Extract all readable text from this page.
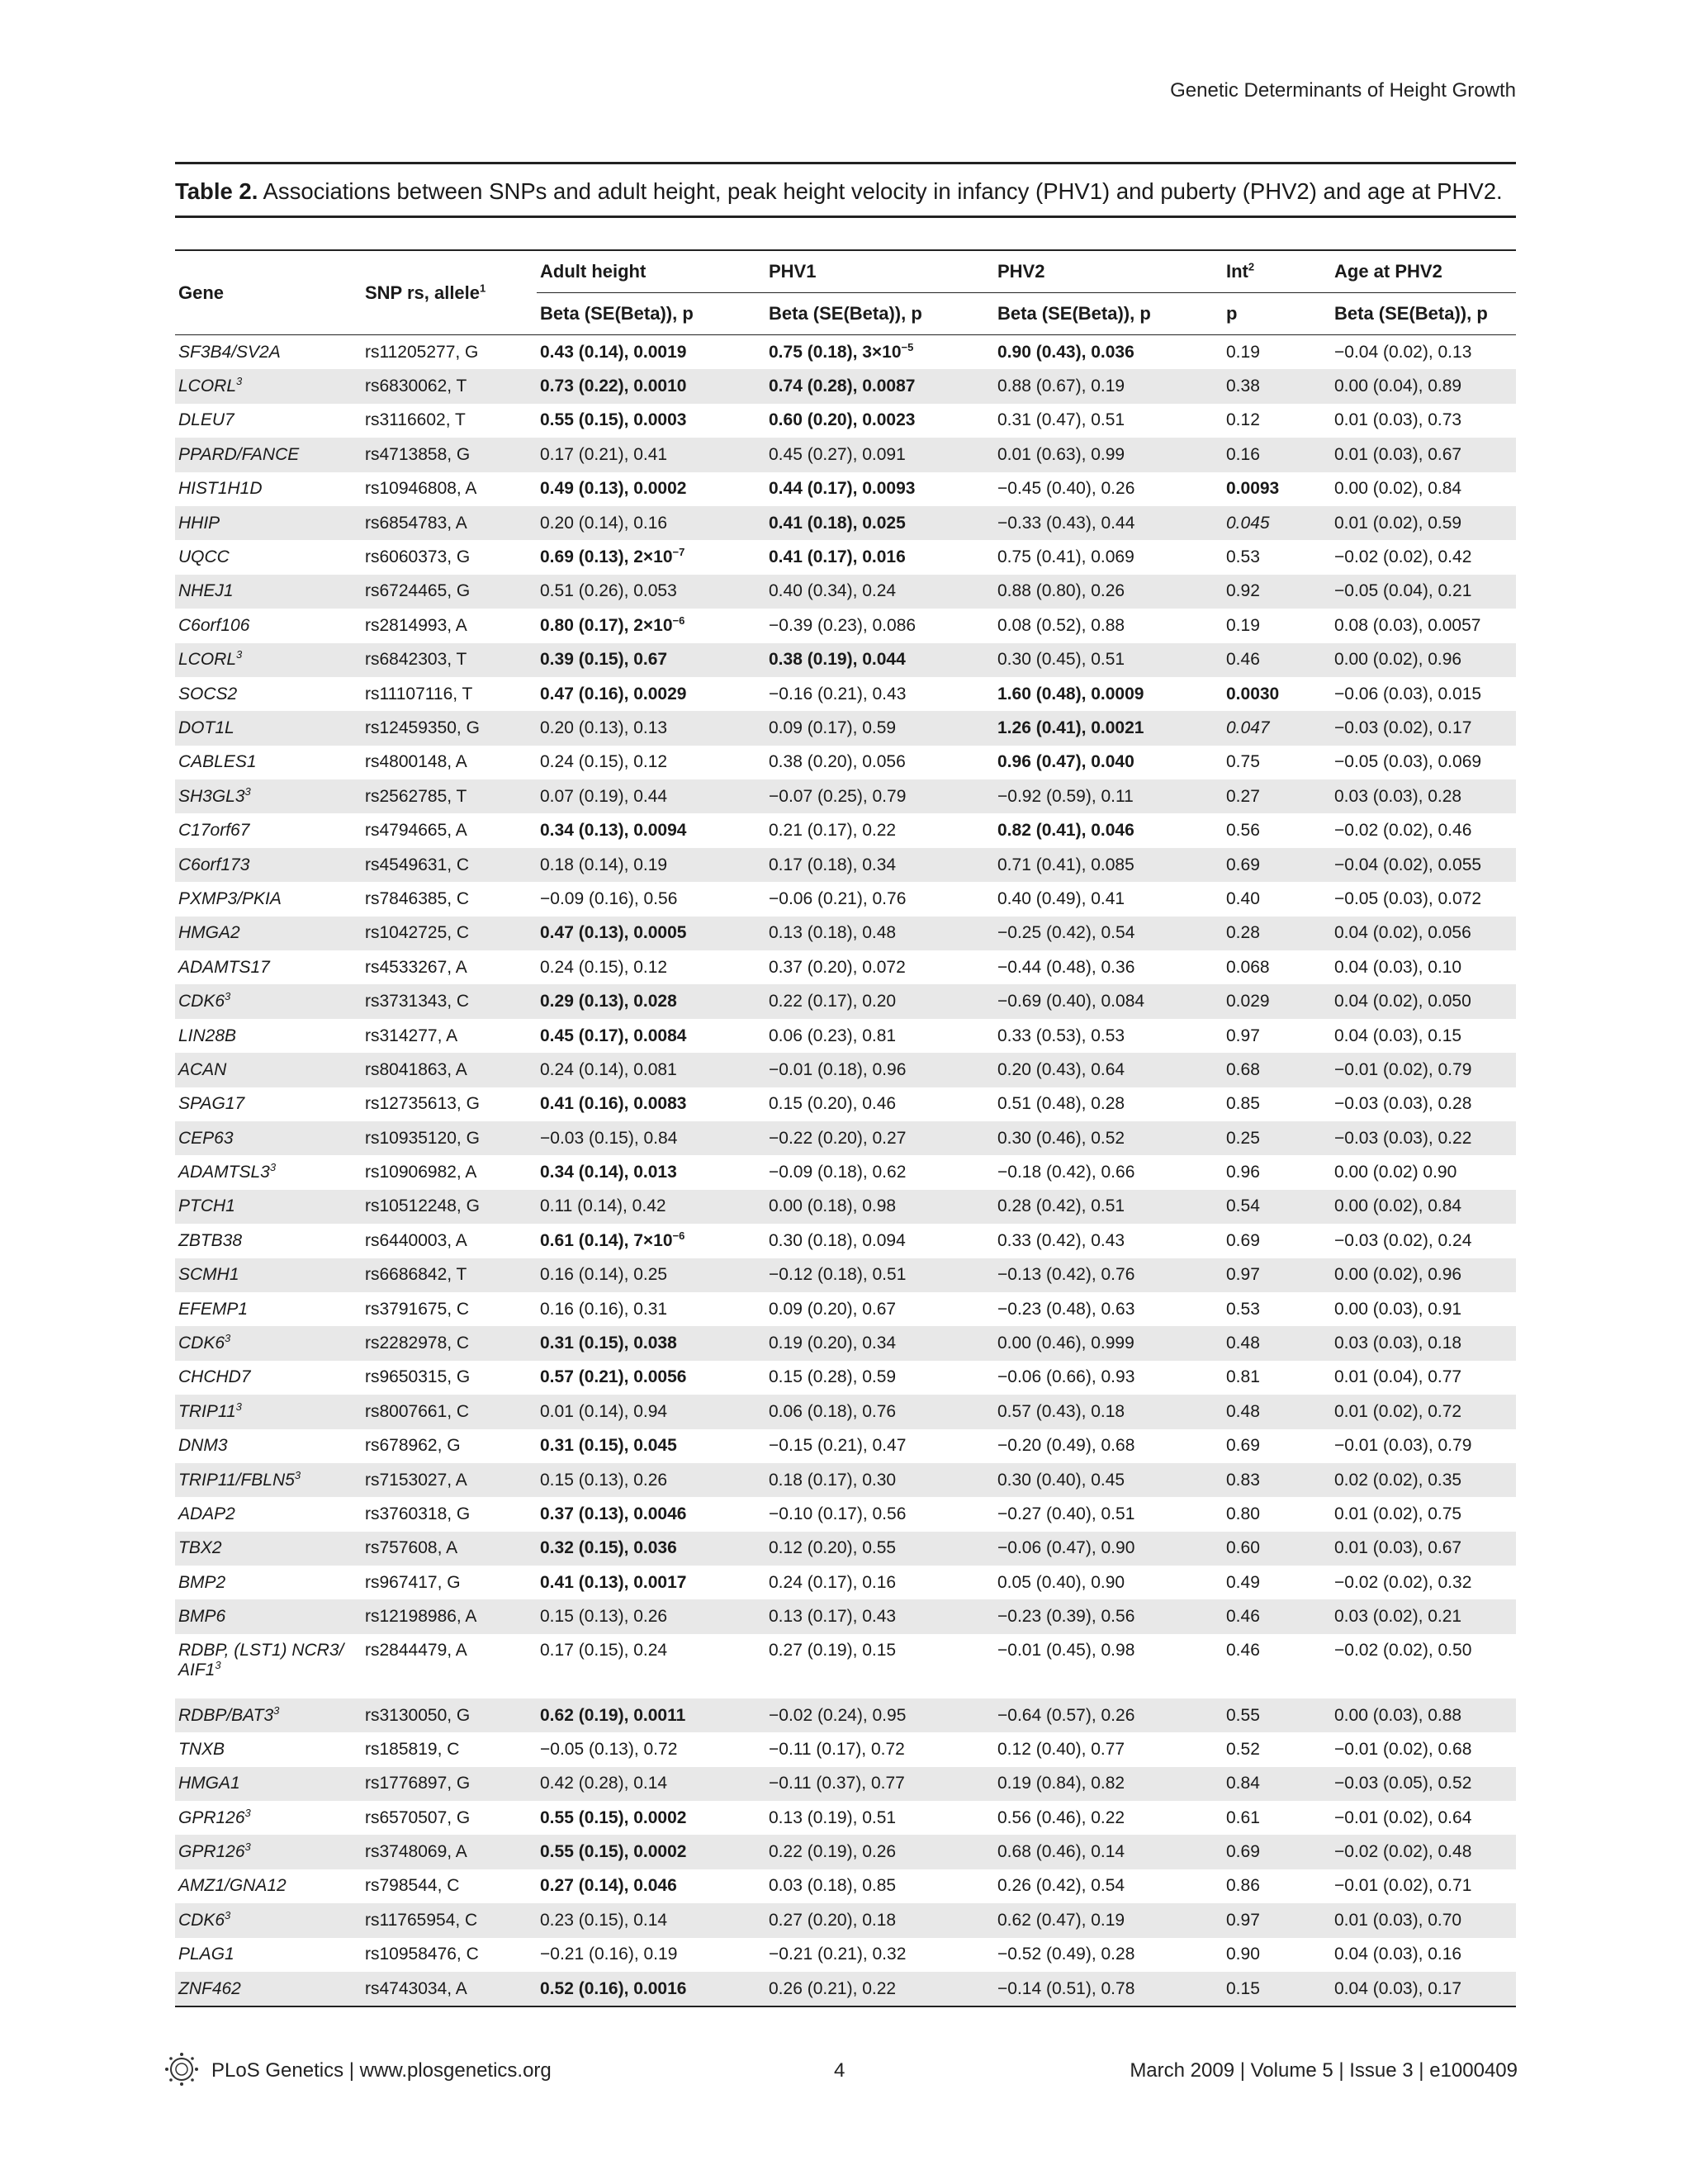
Genetic Determinants of Height Growth
Table 2. Associations between SNPs and adult height, peak height velocity in infancy (PHV1) and puberty (PHV2) and age at PHV2.
Gene	SNP rs, allele$^1$	Adult height	PHV1	PHV2	Int$^2$	Age at PHV2
		Beta (SE(Beta)), p	Beta (SE(Beta)), p	Beta (SE(Beta)), p	p	Beta (SE(Beta)), p
SF3B4/SV2A	rs11205277, G	0.43 (0.14), 0.0019	0.75 (0.18), $3\times 10^{-5}$	0.90 (0.43), 0.036	0.19	−0.04 (0.02), 0.13
LCORL$^3$	rs6830062, T	0.73 (0.22), 0.0010	0.74 (0.28), 0.0087	0.88 (0.67), 0.19	0.38	0.00 (0.04), 0.89
DLEU7	rs3116602, T	0.55 (0.15), 0.0003	0.60 (0.20), 0.0023	0.31 (0.47), 0.51	0.12	0.01 (0.03), 0.73
PPARD/FANCE	rs4713858, G	0.17 (0.21), 0.41	0.45 (0.27), 0.091	0.01 (0.63), 0.99	0.16	0.01 (0.03), 0.67
HIST1H1D	rs10946808, A	0.49 (0.13), 0.0002	0.44 (0.17), 0.0093	−0.45 (0.40), 0.26	0.0093	0.00 (0.02), 0.84
HHIP	rs6854783, A	0.20 (0.14), 0.16	0.41 (0.18), 0.025	−0.33 (0.43), 0.44	0.045	0.01 (0.02), 0.59
UQCC	rs6060373, G	0.69 (0.13), $2\times 10^{-7}$	0.41 (0.17), 0.016	0.75 (0.41), 0.069	0.53	−0.02 (0.02), 0.42
NHEJ1	rs6724465, G	0.51 (0.26), 0.053	0.40 (0.34), 0.24	0.88 (0.80), 0.26	0.92	−0.05 (0.04), 0.21
C6orf106	rs2814993, A	0.80 (0.17), $2\times 10^{-6}$	−0.39 (0.23), 0.086	0.08 (0.52), 0.88	0.19	0.08 (0.03), 0.0057
LCORL$^3$	rs6842303, T	0.39 (0.15), 0.67	0.38 (0.19), 0.044	0.30 (0.45), 0.51	0.46	0.00 (0.02), 0.96
SOCS2	rs11107116, T	0.47 (0.16), 0.0029	−0.16 (0.21), 0.43	1.60 (0.48), 0.0009	0.0030	−0.06 (0.03), 0.015
DOT1L	rs12459350, G	0.20 (0.13), 0.13	0.09 (0.17), 0.59	1.26 (0.41), 0.0021	0.047	−0.03 (0.02), 0.17
CABLES1	rs4800148, A	0.24 (0.15), 0.12	0.38 (0.20), 0.056	0.96 (0.47), 0.040	0.75	−0.05 (0.03), 0.069
$SH3GL3^3$	rs2562785, T	0.07 (0.19), 0.44	−0.07 (0.25), 0.79	−0.92 (0.59), 0.11	0.27	0.03 (0.03), 0.28
C17orf67	rs4794665, A	0.34 (0.13), 0.0094	0.21 (0.17), 0.22	0.82 (0.41), 0.046	0.56	−0.02 (0.02), 0.46
C6orf173	rs4549631, C	0.18 (0.14), 0.19	0.17 (0.18), 0.34	0.71 (0.41), 0.085	0.69	−0.04 (0.02), 0.055
PXMP3/PKIA	rs7846385, C	−0.09 (0.16), 0.56	−0.06 (0.21), 0.76	0.40 (0.49), 0.41	0.40	−0.05 (0.03), 0.072
HMGA2	rs1042725, C	0.47 (0.13), 0.0005	0.13 (0.18), 0.48	−0.25 (0.42), 0.54	0.28	0.04 (0.02), 0.056
ADAMTS17	rs4533267, A	0.24 (0.15), 0.12	0.37 (0.20), 0.072	−0.44 (0.48), 0.36	0.068	0.04 (0.03), 0.10
$CDK6^3$	rs3731343, C	0.29 (0.13), 0.028	0.22 (0.17), 0.20	−0.69 (0.40), 0.084	0.029	0.04 (0.02), 0.050
LIN28B	rs314277, A	0.45 (0.17), 0.0084	0.06 (0.23), 0.81	0.33 (0.53), 0.53	0.97	0.04 (0.03), 0.15
ACAN	rs8041863, A	0.24 (0.14), 0.081	−0.01 (0.18), 0.96	0.20 (0.43), 0.64	0.68	−0.01 (0.02), 0.79
SPAG17	rs12735613, G	0.41 (0.16), 0.0083	0.15 (0.20), 0.46	0.51 (0.48), 0.28	0.85	−0.03 (0.03), 0.28
CEP63	rs10935120, G	−0.03 (0.15), 0.84	−0.22 (0.20), 0.27	0.30 (0.46), 0.52	0.25	−0.03 (0.03), 0.22
$ADAMTSL3^3$	rs10906982, A	0.34 (0.14), 0.013	−0.09 (0.18), 0.62	−0.18 (0.42), 0.66	0.96	0.00 (0.02) 0.90
PTCH1	rs10512248, G	0.11 (0.14), 0.42	0.00 (0.18), 0.98	0.28 (0.42), 0.51	0.54	0.00 (0.02), 0.84
ZBTB38	rs6440003, A	0.61 (0.14), $7\times 10^{-6}$	0.30 (0.18), 0.094	0.33 (0.42), 0.43	0.69	−0.03 (0.02), 0.24
SCMH1	rs6686842, T	0.16 (0.14), 0.25	−0.12 (0.18), 0.51	−0.13 (0.42), 0.76	0.97	0.00 (0.02), 0.96
EFEMP1	rs3791675, C	0.16 (0.16), 0.31	0.09 (0.20), 0.67	−0.23 (0.48), 0.63	0.53	0.00 (0.03), 0.91
$CDK6^3$	rs2282978, C	0.31 (0.15), 0.038	0.19 (0.20), 0.34	0.00 (0.46), 0.999	0.48	0.03 (0.03), 0.18
CHCHD7	rs9650315, G	0.57 (0.21), 0.0056	0.15 (0.28), 0.59	−0.06 (0.66), 0.93	0.81	0.01 (0.04), 0.77
$TRIP11^3$	rs8007661, C	0.01 (0.14), 0.94	0.06 (0.18), 0.76	0.57 (0.43), 0.18	0.48	0.01 (0.02), 0.72
DNM3	rs678962, G	0.31 (0.15), 0.045	−0.15 (0.21), 0.47	−0.20 (0.49), 0.68	0.69	−0.01 (0.03), 0.79
$TRIP11/FBLN5^3$	rs7153027, A	0.15 (0.13), 0.26	0.18 (0.17), 0.30	0.30 (0.40), 0.45	0.83	0.02 (0.02), 0.35
ADAP2	rs3760318, G	0.37 (0.13), 0.0046	−0.10 (0.17), 0.56	−0.27 (0.40), 0.51	0.80	0.01 (0.02), 0.75
TBX2	rs757608, A	0.32 (0.15), 0.036	0.12 (0.20), 0.55	−0.06 (0.47), 0.90	0.60	0.01 (0.03), 0.67
BMP2	rs967417, G	0.41 (0.13), 0.0017	0.24 (0.17), 0.16	0.05 (0.40), 0.90	0.49	−0.02 (0.02), 0.32
BMP6	rs12198986, A	0.15 (0.13), 0.26	0.13 (0.17), 0.43	−0.23 (0.39), 0.56	0.46	0.03 (0.02), 0.21
RDBP, (LST1) NCR3/ $AIF1^3$	rs2844479, A	0.17 (0.15), 0.24	0.27 (0.19), 0.15	−0.01 (0.45), 0.98	0.46	−0.02 (0.02), 0.50
RDBP/$BAT3^3$	rs3130050, G	0.62 (0.19), 0.0011	−0.02 (0.24), 0.95	−0.64 (0.57), 0.26	0.55	0.00 (0.03), 0.88
TNXB	rs185819, C	−0.05 (0.13), 0.72	−0.11 (0.17), 0.72	0.12 (0.40), 0.77	0.52	−0.01 (0.02), 0.68
HMGA1	rs1776897, G	0.42 (0.28), 0.14	−0.11 (0.37), 0.77	0.19 (0.84), 0.82	0.84	−0.03 (0.05), 0.52
$GPR126^3$	rs6570507, G	0.55 (0.15), 0.0002	0.13 (0.19), 0.51	0.56 (0.46), 0.22	0.61	−0.01 (0.02), 0.64
$GPR126^3$	rs3748069, A	0.55 (0.15), 0.0002	0.22 (0.19), 0.26	0.68 (0.46), 0.14	0.69	−0.02 (0.02), 0.48
AMZ1/GNA12	rs798544, C	0.27 (0.14), 0.046	0.03 (0.18), 0.85	0.26 (0.42), 0.54	0.86	−0.01 (0.02), 0.71
$CDK6^3$	rs11765954, C	0.23 (0.15), 0.14	0.27 (0.20), 0.18	0.62 (0.47), 0.19	0.97	0.01 (0.03), 0.70
PLAG1	rs10958476, C	−0.21 (0.16), 0.19	−0.21 (0.21), 0.32	−0.52 (0.49), 0.28	0.90	0.04 (0.03), 0.16
ZNF462	rs4743034, A	0.52 (0.16), 0.0016	0.26 (0.21), 0.22	−0.14 (0.51), 0.78	0.15	0.04 (0.03), 0.17
PLoS Genetics | www.plosgenetics.org	4	March 2009 | Volume 5 | Issue 3 | e1000409
